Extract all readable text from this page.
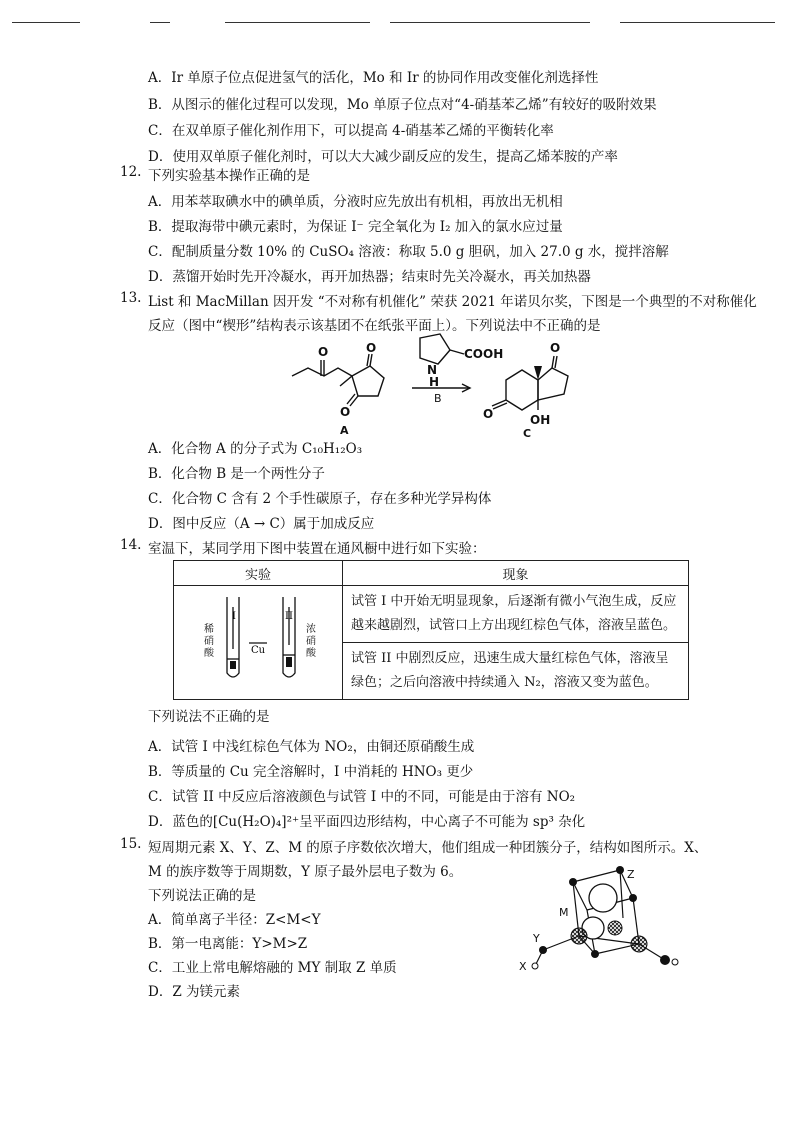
A．Ir 单原子位点促进氢气的活化，Mo 和 Ir 的协同作用改变催化剂选择性
B．从图示的催化过程可以发现，Mo 单原子位点对“4-硝基苯乙烯”有较好的吸附效果
C．在双单原子催化剂作用下，可以提高 4-硝基苯乙烯的平衡转化率
D．使用双单原子催化剂时，可以大大减少副反应的发生，提高乙烯苯胺的产率
12. 下列实验基本操作正确的是
A．用苯萃取碘水中的碘单质，分液时应先放出有机相，再放出无机相
B．提取海带中碘元素时，为保证 I⁻ 完全氧化为 I₂ 加入的氯水应过量
C．配制质量分数 10% 的 CuSO₄ 溶液：称取 5.0 g 胆矾，加入 27.0 g 水，搅拌溶解
D．蒸馏开始时先开冷凝水，再开加热器；结束时先关冷凝水，再关加热器
13. List 和 MacMillan 因开发 “不对称有机催化” 荣获 2021 年诺贝尔奖，下图是一个典型的不对称催化
反应（图中“楔形”结构表示该基团不在纸张平面上）。下列说法中不正确的是
O	O
O
COOH
N
H
O
O	OH
B
A	C
A．化合物 A 的分子式为 C₁₀H₁₂O₃
B．化合物 B 是一个两性分子
C．化合物 C 含有 2 个手性碳原子，存在多种光学异构体
D．图中反应（A → C）属于加成反应
14. 室温下，某同学用下图中装置在通风橱中进行如下实验：
实验	现象

I II
Cu
稀硝酸
浓硝酸	试管 I 中开始无明显现象，后逐渐有微小气泡生成，反应越来越剧烈，试管口上方出现红棕色气体，溶液呈蓝色。
	试管 II 中剧烈反应，迅速生成大量红棕色气体，溶液呈绿色；之后向溶液中持续通入 N₂，溶液又变为蓝色。
下列说法不正确的是
A．试管 I 中浅红棕色气体为 NO₂，由铜还原硝酸生成
B．等质量的 Cu 完全溶解时，I 中消耗的 HNO₃ 更少
C．试管 II 中反应后溶液颜色与试管 I 中的不同，可能是由于溶有 NO₂
D．蓝色的[Cu(H₂O)₄]²⁺呈平面四边形结构，中心离子不可能为 sp³ 杂化
15. 短周期元素 X、Y、Z、M 的原子序数依次增大，他们组成一种团簇分子，结构如图所示。X、
M 的族序数等于周期数，Y 原子最外层电子数为 6。
下列说法正确的是
A．简单离子半径：Z<M<Y
B．第一电离能：Y>M>Z
C．工业上常电解熔融的 MY 制取 Z 单质
D．Z 为镁元素
Z
M
Y
X
